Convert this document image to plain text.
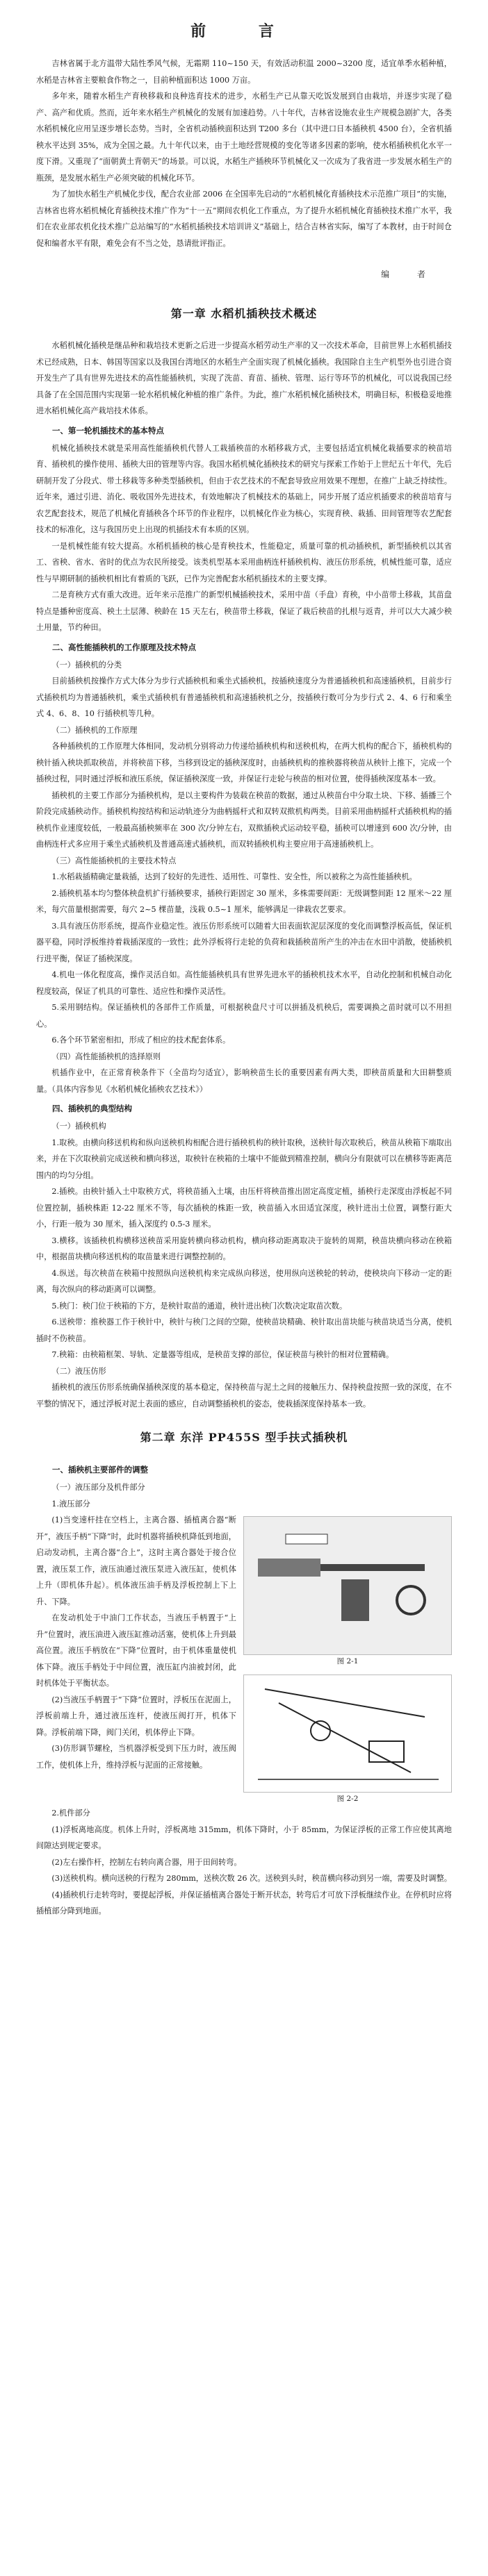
前 言

吉林省属于北方温带大陆性季风气候，无霜期 110~150 天，有效活动积温 2000~3200 度，适宜单季水稻种植，水稻是吉林省主要粮食作物之一，目前种植面积达 1000 万亩。

多年来，随着水稻生产育秧移栽和良种选育技术的进步，水稻生产已从靠天吃饭发展到自由栽培，并逐步实现了稳产、高产和优质。然而，近年来水稻生产机械化的发展有加速趋势。八十年代，吉林省设施农业生产规模急剧扩大，各类水稻机械化应用呈逐步增长态势。当时，全省机动插秧面积达到 T200 多台（其中进口日本插秧机 4500 台），全省机插秧水平达到 35%，成为全国之最。九十年代以来，由于土地经营规模的变化等诸多因素的影响，使水稻插秧机化水平一度下滑。又重现了“面朝黄土背朝天”的场景。可以说，水稻生产插秧环节机械化又一次成为了我省进一步发展水稻生产的瓶颈，是发展水稻生产必须突破的机械化环节。

为了加快水稻生产机械化步伐，配合农业部 2006 在全国率先启动的“水稻机械化育插秧技术示范推广项目”的实施，吉林省也将水稻机械化育插秧技术推广作为“十一五”期间农机化工作重点，为了提升水稻机械化育插秧技术推广水平，我们在农业部农机化技术推广总站编写的“水稻机插秧技术培训讲义”基础上，结合吉林省实际，编写了本教材，由于时间仓促和编者水平有限，难免会有不当之处，恳请批评指正。

编 者
第一章 水稻机插秧技术概述

水稻机械化插秧是继品种和栽培技术更新之后进一步提高水稻劳动生产率的又一次技术革命，目前世界上水稻机插技术已经成熟，日本、韩国等国家以及我国台湾地区的水稻生产全面实现了机械化插秧。我国除自主生产机型外也引进合资开发生产了具有世界先进技术的高性能插秧机，实现了洗苗、育苗、插秧、管理、运行等环节的机械化，可以说我国已经具备了在全国范围内实现第一轮水稻机械化种植的推广条件。为此，推广水稻机械化插秧技术，明确目标，积极稳妥地推进水稻机械化高产栽培技术体系。

一、第一轮机插技术的基本特点

机械化插秧技术就是采用高性能插秧机代替人工栽插秧苗的水稻移栽方式，主要包括适宜机械化栽插要求的秧苗培育、插秧机的操作使用、插秧大田的管理等内容。我国水稻机械化插秧技术的研究与探索工作始于上世纪五十年代，先后研制开发了分段式、带土移栽等多种类型插秧机，但由于农艺技术的不配套导致应用效果不理想，在推广上缺乏持续性。近年来，通过引进、消化、吸收国外先进技术，有效地解决了机械技术的基础上，同步开展了适应机插要求的秧苗培育与农艺配套技术，规范了机械化育插秧各个环节的作业程序，以机械化作业为核心，实现育秧、栽插、田间管理等农艺配套技术的标准化，这与我国历史上出现的机插技术有本质的区别。

一是机械性能有较大提高。水稻机插秧的核心是育秧技术，性能稳定，质量可靠的机动插秧机，新型插秧机以其省工、省秧、省水、省时的优点为农民所接受。该类机型基本采用曲柄连杆插秧机构、液压仿形系统，机械性能可靠，适应性与早期研制的插秧机相比有着质的飞跃，已作为完善配套水稻机插技术的主要支撑。

二是育秧方式有重大改进。近年来示范推广的新型机械插秧技术，采用中苗（手盘）育秧，中小苗带土移栽，其苗盘特点是播种密度高、秧土土层薄、秧龄在 15 天左右，秧苗带土移栽，保证了栽后秧苗的扎根与返青，并可以大大减少秧土用量，节约种田。

二、高性能插秧机的工作原理及技术特点
（一）插秧机的分类

目前插秧机按操作方式大体分为步行式插秧机和乘坐式插秧机，按插秧速度分为普通插秧机和高速插秧机，目前步行式插秧机均为普通插秧机，乘坐式插秧机有普通插秧机和高速插秧机之分，按插秧行数可分为步行式 2、4、6 行和乘坐式 4、6、8、10 行插秧机等几种。

（二）插秧机的工作原理

各种插秧机的工作原理大体相同，发动机分别将动力传递给插秧机构和送秧机构，在两大机构的配合下，插秧机构的秧针插入秧块抓取秧苗，并将秧苗下移，当移到设定的插秧深度时，由插秧机构的推秧器将秧苗从秧针上推下，完成一个插秧过程，同时通过浮板和液压系统，保证插秧深度一致，并保证行走轮与秧苗的相对位置，使得插秧深度基本一致。

插秧机的主要工作部分为插秧机构，是以主要构件为装载在秧苗的数据，通过从秧苗台中分取土块、下移、插播三个阶段完成插秧动作。插秧机构按结构和运动轨迹分为曲柄摇杆式和双转双揿机构两类。目前采用曲柄摇杆式插秧机构的插秧机作业速度较低，一般最高插秧频率在 300 次/分钟左右，双揿插秧式运动较平稳，插秧可以增速到 600 次/分钟，由曲柄连杆式多应用于乘坐式插秧机及普通高速式插秧机，而双转插秧机构主要应用于高速插秧机上。

（三）高性能插秧机的主要技术特点

1.水稻栽插精确定量栽插，达到了较好的先进性、适用性、可靠性、安全性，所以被称之为高性能插秧机。

2.插秧机基本均匀整体秧盘机扩行插秧要求，插秧行距固定 30 厘米，多株需要间距：无级调整间距 12 厘米～22 厘米，每穴苗量根据需要，每穴 2~5 棵苗量，浅栽 0.5~1 厘米，能够满足一律栽农艺要求。

3.具有液压仿形系统，提高作业稳定性。液压仿形系统可以随着大田表面软泥层深度的变化而调整浮板高低，保证机器平稳，同时浮板维持着栽插深度的一致性；此外浮板将行走轮的负荷和栽插秧苗所产生的冲击在水田中消散，使插秧机行进平衡，保证了插秧深度。

4.机电一体化程度高，操作灵活自如。高性能插秧机具有世界先进水平的插秧机技术水平，自动化控制和机械自动化程度较高，保证了机具的可靠性、适应性和操作灵活性。

5.采用钢结构。保证插秧机的各部件工作质量，可根据秧盘尺寸可以拼插及机秧后，需要调换之苗时就可以不用担心。

6.各个环节紧密相扣，形成了相应的技术配套体系。

（四）高性能插秧机的选择原则

机插作业中，在正常育秧条件下（全苗均匀适宜），影响秧苗生长的重要因素有两大类，即秧苗质量和大田耕整质量。（具体内容参见《水稻机械化插秧农艺技术》）

四、插秧机的典型结构
（一）插秧机构

1.取秧。由横向移送机构和纵向送秧机构相配合进行插秧机构的秧针取秧，送秧针每次取秧后，秧苗从秧箱下端取出来，并在下次取秧前完成送秧和横向移送，取秧针在秧箱的土壤中不能做到精准控制，横向分有限就可以在横移等距离范围内的均匀分组。

2.插秧。由秧针插入土中取秧方式，将秧苗插入土壤，由压杆将秧苗推出固定高度定植，插秧行走深度由浮板起不同位置控制，插秧株距 12-22 厘米不等，每次插秧的株距一致，秧苗插入水田适宜深度，秧针进出土位置，调整行距大小，行距一般为 30 厘米，插入深度约 0.5-3 厘米。

3.横移。该插秧机构横移送秧苗采用旋转横向移动机构，横向移动距离取决于旋转的周期，秧苗块横向移动在秧箱中，根据苗块横向移送机构的取苗量来进行调整控制的。

4.纵送。每次秧苗在秧箱中按照纵向送秧机构来完成纵向移送，使用纵向送秧轮的转动，使秧块向下移动一定的距离，每次纵向的移动距离可以调整。

5.秧门：秧门位于秧箱的下方，是秧针取苗的通道，秧针进出秧门次数决定取苗次数。

6.送秧带：推秧器工作于秧针中，秧针与秧门之间的空隙，使秧苗块精确、秧针取出苗块能与秧苗块适当分离，使机插时不伤秧苗。

7.秧箱：由秧箱框架、导轨、定量器等组成，是秧苗支撑的部位，保证秧苗与秧针的相对位置精确。

（二）液压仿形

插秧机的液压仿形系统确保插秧深度的基本稳定，保持秧苗与泥土之间的接触压力、保持秧盘按照一致的深度，在不平整的情况下，通过浮板对泥土表面的感应，自动调整插秧机的姿态，使栽插深度保持基本一致。

第二章 东洋 PP455S 型手扶式插秧机
一、插秧机主要部件的调整
（一）液压部分及机件部分
1.液压部分

(1)当变速杆挂在空档上，主离合器、插植离合器“断开”，液压手柄“下降”时，此时机器将插秧机降低到地面，启动发动机，主离合器“合上”，这时主离合器处于接合位置，液压泵工作，液压油通过液压泵进入液压缸，使机体上升（即机体升起）。机体液压油手柄及浮板控制上下上升、下降。

在发动机处于中油门工作状态，当液压手柄置于“上升”位置时，液压油进入液压缸推动活塞，使机体上升到最高位置。液压手柄放在“下降”位置时，由于机体重量使机体下降。液压手柄处于中间位置，液压缸内油被封闭，此时机体处于平衡状态。

(2)当液压手柄置于“下降”位置时，浮板压在泥面上，浮板前端上升，通过液压连杆，使液压阀打开，机体下降。浮板前端下降，阀门关闭，机体停止下降。

(3)仿形调节螺栓，当机器浮板受到下压力时，液压阀工作，使机体上升，维持浮板与泥面的正常接触。

图 2-1
图 2-2

2.机件部分

(1)浮板离地高度。机体上升时，浮板离地 315mm，机体下降时，小于 85mm，为保证浮板的正常工作应使其离地间隙达到规定要求。

(2)左右操作杆，控制左右转向离合器，用于田间转弯。

(3)送秧机构。横向送秧的行程为 280mm，送秧次数 26 次。送秧到头时，秧苗横向移动到另一端，需要及时调整。

(4)插秧机行走转弯时，要提起浮板，并保证插植离合器处于断开状态，转弯后才可放下浮板继续作业。在停机时应将插植部分降到地面。
